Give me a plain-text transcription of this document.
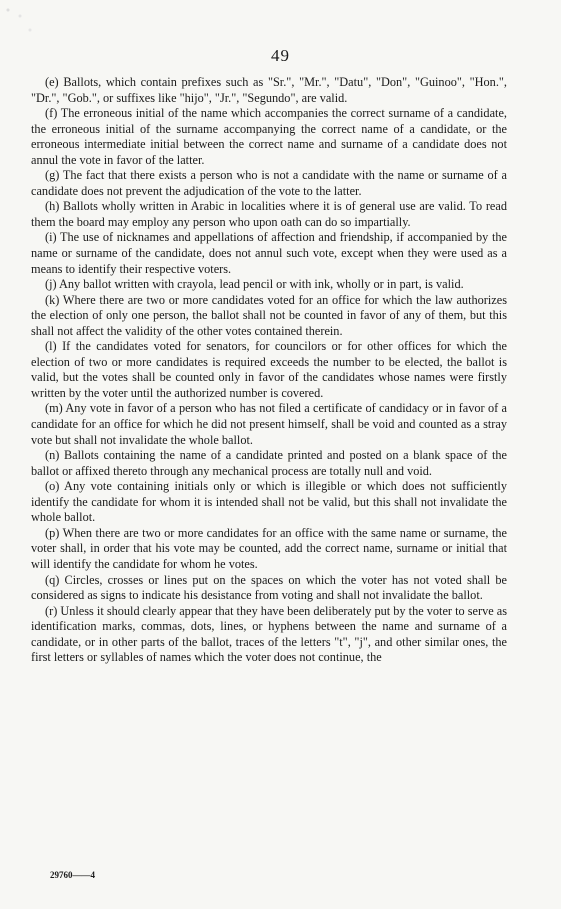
49

(e) Ballots, which contain prefixes such as "Sr.", "Mr.", "Datu", "Don", "Guinoo", "Hon.", "Dr.", "Gob.", or suffixes like "hijo", "Jr.", "Segundo", are valid.

(f) The erroneous initial of the name which accompanies the correct surname of a candidate, the erroneous initial of the surname accompanying the correct name of a candidate, or the erroneous intermediate initial between the correct name and surname of a candidate does not annul the vote in favor of the latter.

(g) The fact that there exists a person who is not a candidate with the name or surname of a candidate does not prevent the adjudication of the vote to the latter.

(h) Ballots wholly written in Arabic in localities where it is of general use are valid. To read them the board may employ any person who upon oath can do so impartially.

(i) The use of nicknames and appellations of affection and friendship, if accompanied by the name or surname of the candidate, does not annul such vote, except when they were used as a means to identify their respective voters.

(j) Any ballot written with crayola, lead pencil or with ink, wholly or in part, is valid.

(k) Where there are two or more candidates voted for an office for which the law authorizes the election of only one person, the ballot shall not be counted in favor of any of them, but this shall not affect the validity of the other votes contained therein.

(l) If the candidates voted for senators, for councilors or for other offices for which the election of two or more candidates is required exceeds the number to be elected, the ballot is valid, but the votes shall be counted only in favor of the candidates whose names were firstly written by the voter until the authorized number is covered.

(m) Any vote in favor of a person who has not filed a certificate of candidacy or in favor of a candidate for an office for which he did not present himself, shall be void and counted as a stray vote but shall not invalidate the whole ballot.

(n) Ballots containing the name of a candidate printed and posted on a blank space of the ballot or affixed thereto through any mechanical process are totally null and void.

(o) Any vote containing initials only or which is illegible or which does not sufficiently identify the candidate for whom it is intended shall not be valid, but this shall not invalidate the whole ballot.

(p) When there are two or more candidates for an office with the same name or surname, the voter shall, in order that his vote may be counted, add the correct name, surname or initial that will identify the candidate for whom he votes.

(q) Circles, crosses or lines put on the spaces on which the voter has not voted shall be considered as signs to indicate his desistance from voting and shall not invalidate the ballot.

(r) Unless it should clearly appear that they have been deliberately put by the voter to serve as identification marks, commas, dots, lines, or hyphens between the name and surname of a candidate, or in other parts of the ballot, traces of the letters "t", "j", and other similar ones, the first letters or syllables of names which the voter does not continue, the

29760——4
